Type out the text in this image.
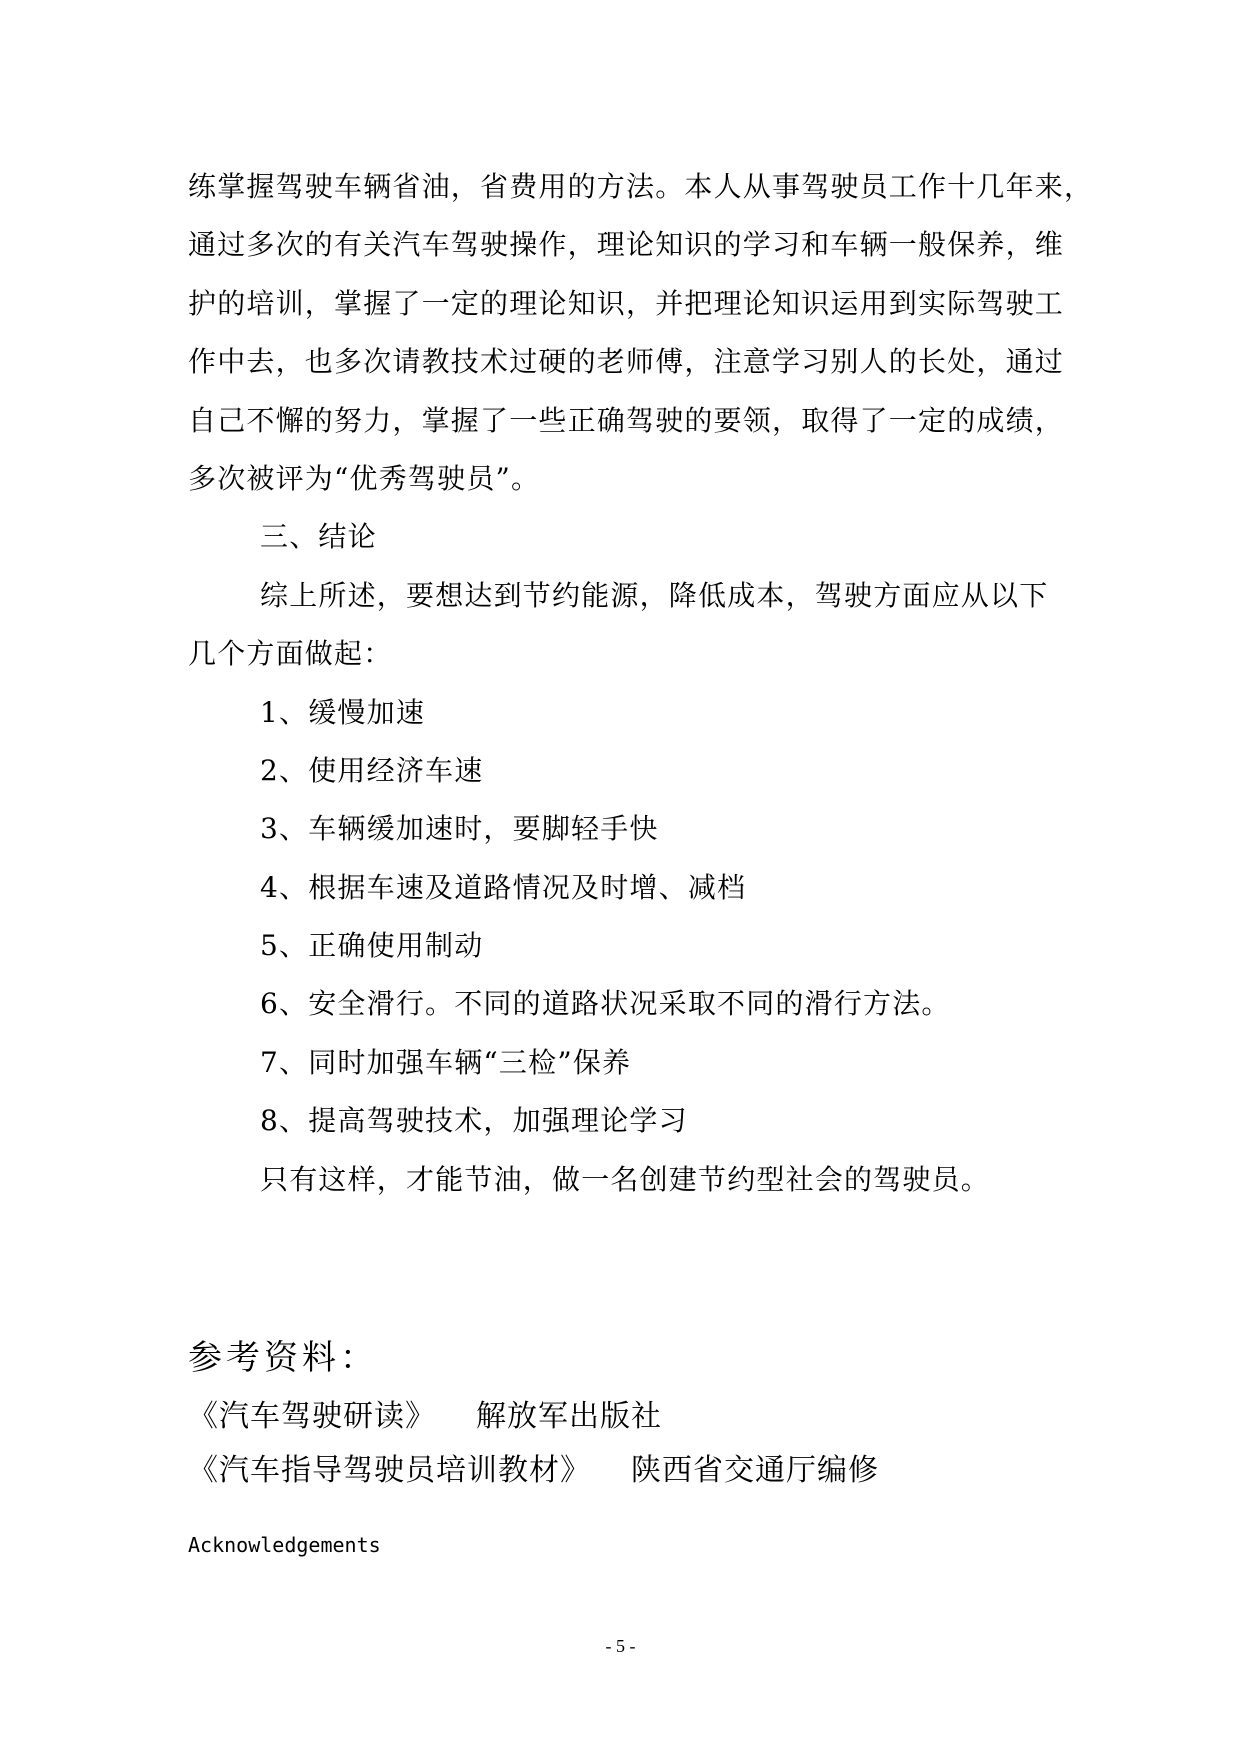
练掌握驾驶车辆省油，省费用的方法。本人从事驾驶员工作十几年来，
通过多次的有关汽车驾驶操作，理论知识的学习和车辆一般保养，维
护的培训，掌握了一定的理论知识，并把理论知识运用到实际驾驶工
作中去，也多次请教技术过硬的老师傅，注意学习别人的长处，通过
自己不懈的努力，掌握了一些正确驾驶的要领，取得了一定的成绩，
多次被评为“优秀驾驶员”。
三、结论
综上所述，要想达到节约能源，降低成本，驾驶方面应从以下
几个方面做起：
1、缓慢加速
2、使用经济车速
3、车辆缓加速时，要脚轻手快
4、根据车速及道路情况及时增、减档
5、正确使用制动
6、安全滑行。不同的道路状况采取不同的滑行方法。
7、同时加强车辆“三检”保养
8、提高驾驶技术，加强理论学习
只有这样，才能节油，做一名创建节约型社会的驾驶员。
参考资料：
《汽车驾驶研读》 解放军出版社
《汽车指导驾驶员培训教材》 陕西省交通厅编修
Acknowledgements
- 5 -
